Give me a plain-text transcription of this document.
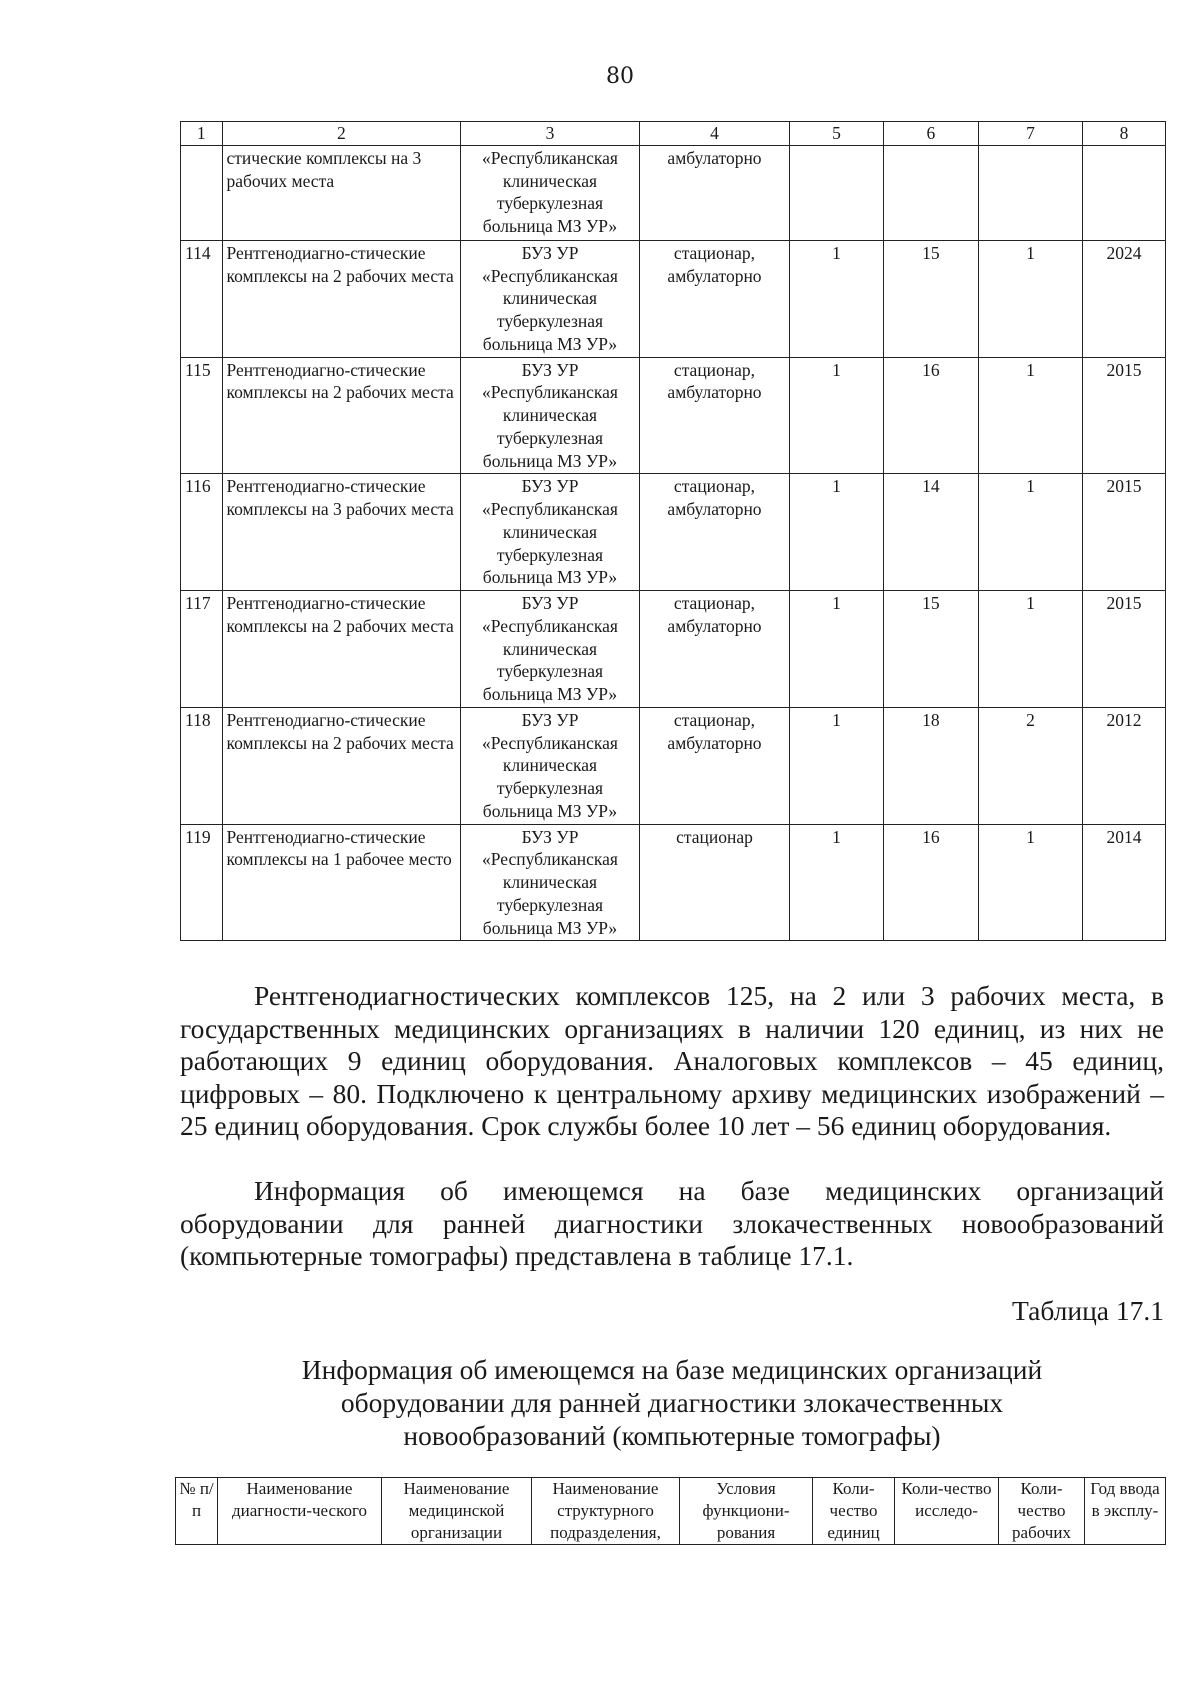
80
1	2	3	4	5	6	7	8
	стические комплексы на 3 рабочих места	«Республиканская клиническая туберкулезная больница МЗ УР»	амбулаторно				
114	Рентгенодиагно-стические комплексы на 2 рабочих места	БУЗ УР «Республиканская клиническая туберкулезная больница МЗ УР»	стационар, амбулаторно	1	15	1	2024
115	Рентгенодиагно-стические комплексы на 2 рабочих места	БУЗ УР «Республиканская клиническая туберкулезная больница МЗ УР»	стационар, амбулаторно	1	16	1	2015
116	Рентгенодиагно-стические комплексы на 3 рабочих места	БУЗ УР «Республиканская клиническая туберкулезная больница МЗ УР»	стационар, амбулаторно	1	14	1	2015
117	Рентгенодиагно-стические комплексы на 2 рабочих места	БУЗ УР «Республиканская клиническая туберкулезная больница МЗ УР»	стационар, амбулаторно	1	15	1	2015
118	Рентгенодиагно-стические комплексы на 2 рабочих места	БУЗ УР «Республиканская клиническая туберкулезная больница МЗ УР»	стационар, амбулаторно	1	18	2	2012
119	Рентгенодиагно-стические комплексы на 1 рабочее место	БУЗ УР «Республиканская клиническая туберкулезная больница МЗ УР»	стационар	1	16	1	2014

Рентгенодиагностических комплексов 125, на 2 или 3 рабочих места, в государственных медицинских организациях в наличии 120 единиц, из них не работающих 9 единиц оборудования. Аналоговых комплексов – 45 единиц, цифровых – 80. Подключено к центральному архиву медицинских изображений – 25 единиц оборудования. Срок службы более 10 лет – 56 единиц оборудования.

Информация об имеющемся на базе медицинских организаций оборудовании для ранней диагностики злокачественных новообразований (компьютерные томографы) представлена в таблице 17.1.

Таблица 17.1
Информация об имеющемся на базе медицинских организаций
оборудовании для ранней диагностики злокачественных
новообразований (компьютерные томографы)
№ п/п	Наименование диагности-ческого	Наименование медицинской организации	Наименование структурного подразделения,	Условия функциони-рования	Коли-чество единиц	Коли-чество исследо-	Коли-чество рабочих	Год ввода в эксплу-
